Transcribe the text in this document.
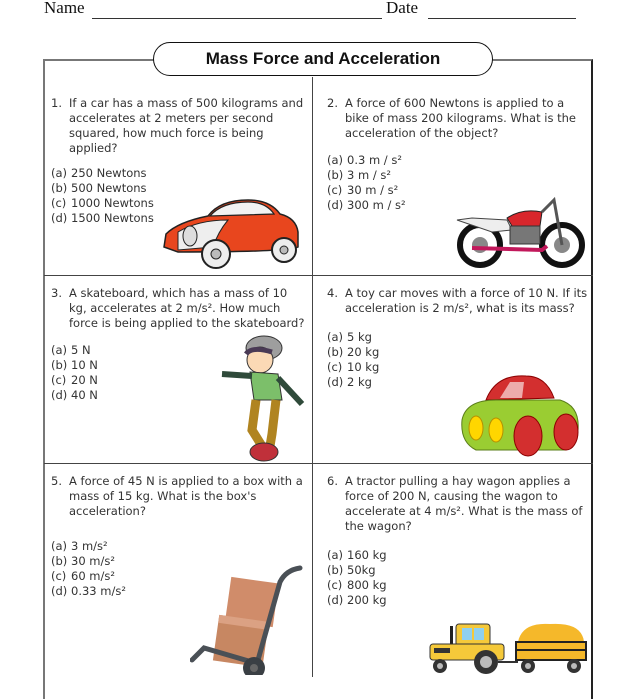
Name	Date
Mass Force and Acceleration
1. If a car has a mass of 500 kilograms and accelerates at 2 meters per second squared, how much force is being applied?
(a) 250 Newtons
(b) 500 Newtons
(c) 1000 Newtons
(d) 1500 Newtons
2. A force of 600 Newtons is applied to a bike of mass 200 kilograms. What is the acceleration of the object?
(a) 0.3 m / s²
(b) 3 m / s²
(c) 30 m / s²
(d) 300 m / s²
3. A skateboard, which has a mass of 10 kg, accelerates at 2 m/s². How much force is being applied to the skateboard?
(a) 5 N
(b) 10 N
(c) 20 N
(d) 40 N
4. A toy car moves with a force of 10 N. If its acceleration is 2 m/s², what is its mass?
(a) 5 kg
(b) 20 kg
(c) 10 kg
(d) 2 kg
5. A force of 45 N is applied to a box with a mass of 15 kg. What is the box's acceleration?
(a) 3 m/s²
(b) 30 m/s²
(c) 60 m/s²
(d) 0.33 m/s²
6. A tractor pulling a hay wagon applies a force of 200 N, causing the wagon to accelerate at 4 m/s². What is the mass of the wagon?
(a) 160 kg
(b) 50kg
(c) 800 kg
(d) 200 kg
